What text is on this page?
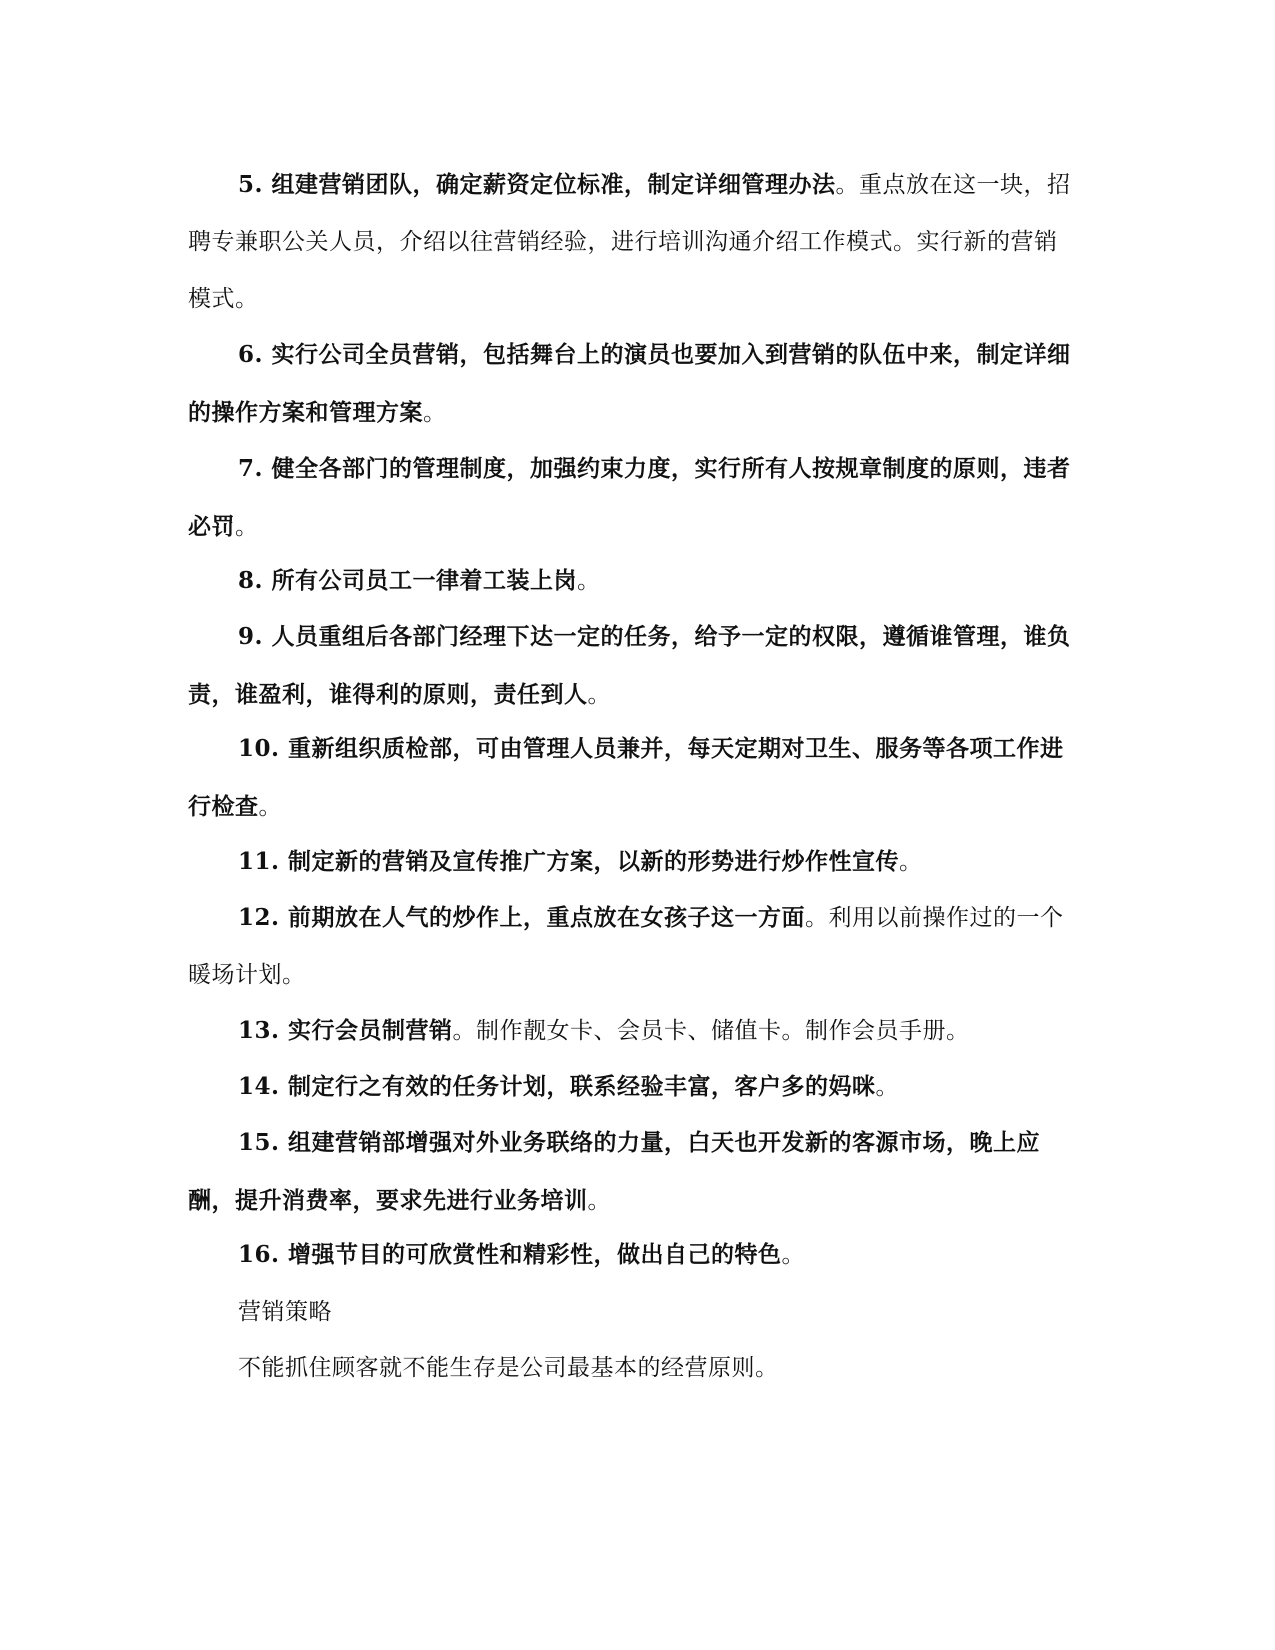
5. 组建营销团队，确定薪资定位标准，制定详细管理办法。重点放在这一块，招聘专兼职公关人员，介绍以往营销经验，进行培训沟通介绍工作模式。实行新的营销模式。

6. 实行公司全员营销，包括舞台上的演员也要加入到营销的队伍中来，制定详细的操作方案和管理方案。

7. 健全各部门的管理制度，加强约束力度，实行所有人按规章制度的原则，违者必罚。

8. 所有公司员工一律着工装上岗。

9. 人员重组后各部门经理下达一定的任务，给予一定的权限，遵循谁管理，谁负责，谁盈利，谁得利的原则，责任到人。

10. 重新组织质检部，可由管理人员兼并，每天定期对卫生、服务等各项工作进行检查。

11. 制定新的营销及宣传推广方案，以新的形势进行炒作性宣传。

12. 前期放在人气的炒作上，重点放在女孩子这一方面。利用以前操作过的一个暖场计划。

13. 实行会员制营销。制作靓女卡、会员卡、储值卡。制作会员手册。

14. 制定行之有效的任务计划，联系经验丰富，客户多的妈咪。

15. 组建营销部增强对外业务联络的力量，白天也开发新的客源市场，晚上应酬，提升消费率，要求先进行业务培训。

16. 增强节目的可欣赏性和精彩性，做出自己的特色。

营销策略

不能抓住顾客就不能生存是公司最基本的经营原则。
